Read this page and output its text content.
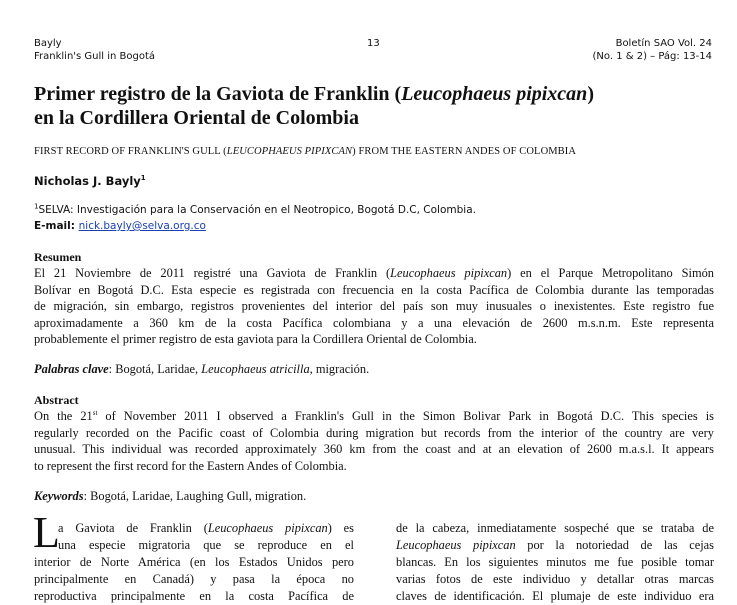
Bayly
Franklin's Gull in Bogotá
13	Boletín SAO Vol. 24
(No. 1 & 2) – Pág: 13-14
Primer registro de la Gaviota de Franklin (Leucophaeus pipixcan)
en la Cordillera Oriental de Colombia
FIRST RECORD OF FRANKLIN'S GULL (LEUCOPHAEUS PIPIXCAN) FROM THE EASTERN ANDES OF COLOMBIA
Nicholas J. Bayly$^1$
$^1$SELVA: Investigación para la Conservación en el Neotropico, Bogotá D.C, Colombia.
E-mail: nick.bayly@selva.org.co
Resumen
El 21 Noviembre de 2011 registré una Gaviota de Franklin (Leucophaeus pipixcan) en el Parque Metropolitano Simón
Bolívar en Bogotá D.C. Esta especie es registrada con frecuencia en la costa Pacífica de Colombia durante las temporadas
de migración, sin embargo, registros provenientes del interior del país son muy inusuales o inexistentes. Este registro fue
aproximadamente a 360 km de la costa Pacífica colombiana y a una elevación de 2600 m.s.n.m. Este representa
probablemente el primer registro de esta gaviota para la Cordillera Oriental de Colombia.
Palabras clave: Bogotá, Laridae, Leucophaeus atricilla, migración.
Abstract
On the 21st of November 2011 I observed a Franklin's Gull in the Simon Bolivar Park in Bogotá D.C. This species is
regularly recorded on the Pacific coast of Colombia during migration but records from the interior of the country are very
unusual. This individual was recorded approximately 360 km from the coast and at an elevation of 2600 m.a.s.l. It appears
to represent the first record for the Eastern Andes of Colombia.
Keywords: Bogotá, Laridae, Laughing Gull, migration.
L
a Gaviota de Franklin (Leucophaeus pipixcan) es
una especie migratoria que se reproduce en el
interior de Norte América (en los Estados Unidos pero
principalmente en Canadá) y pasa la época no
reproductiva principalmente en la costa Pacífica de
de la cabeza, inmediatamente sospeché que se trataba de
Leucophaeus pipixcan por la notoriedad de las cejas
blancas. En los siguientes minutos me fue posible tomar
varias fotos de este individuo y detallar otras marcas
claves de identificación. El plumaje de este individuo era
